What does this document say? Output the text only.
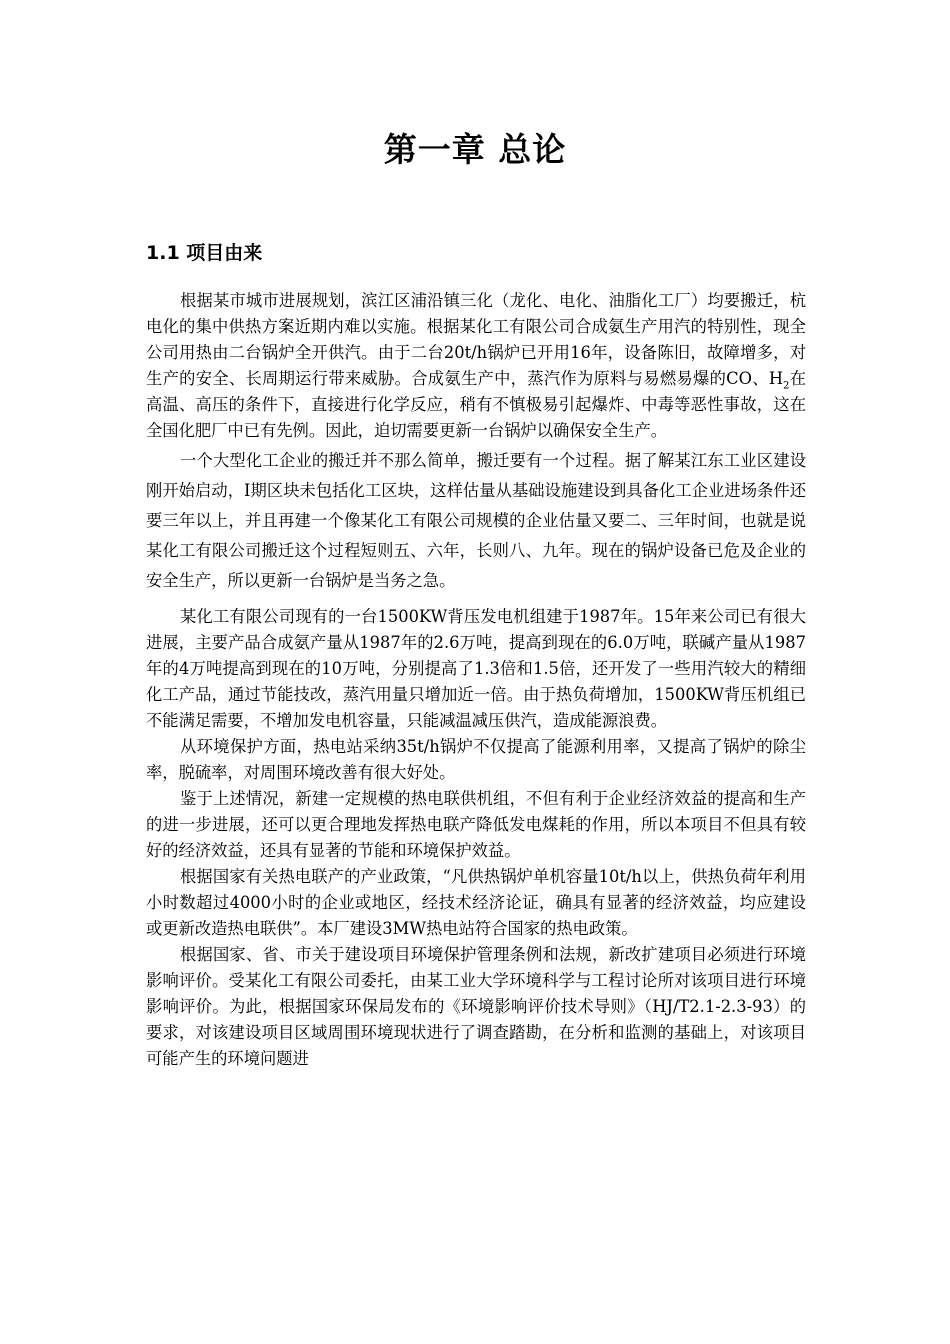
第一章 总论
1.1 项目由来

根据某市城市进展规划，滨江区浦沿镇三化（龙化、电化、油脂化工厂）均要搬迁，杭电化的集中供热方案近期内难以实施。根据某化工有限公司合成氨生产用汽的特别性，现全公司用热由二台锅炉全开供汽。由于二台20t/h锅炉已开用16年，设备陈旧，故障增多，对生产的安全、长周期运行带来威胁。合成氨生产中，蒸汽作为原料与易燃易爆的CO、$H_2$在高温、高压的条件下，直接进行化学反应，稍有不慎极易引起爆炸、中毒等恶性事故，这在全国化肥厂中已有先例。因此，迫切需要更新一台锅炉以确保安全生产。

一个大型化工企业的搬迁并不那么简单，搬迁要有一个过程。据了解某江东工业区建设刚开始启动，I期区块未包括化工区块，这样估量从基础设施建设到具备化工企业进场条件还要三年以上，并且再建一个像某化工有限公司规模的企业估量又要二、三年时间，也就是说某化工有限公司搬迁这个过程短则五、六年，长则八、九年。现在的锅炉设备已危及企业的安全生产，所以更新一台锅炉是当务之急。

某化工有限公司现有的一台1500KW背压发电机组建于1987年。15年来公司已有很大进展，主要产品合成氨产量从1987年的2.6万吨，提高到现在的6.0万吨，联碱产量从1987年的4万吨提高到现在的10万吨，分别提高了1.3倍和1.5倍，还开发了一些用汽较大的精细化工产品，通过节能技改，蒸汽用量只增加近一倍。由于热负荷增加，1500KW背压机组已不能满足需要，不增加发电机容量，只能减温减压供汽，造成能源浪费。

从环境保护方面，热电站采纳35t/h锅炉不仅提高了能源利用率，又提高了锅炉的除尘率，脱硫率，对周围环境改善有很大好处。

鉴于上述情况，新建一定规模的热电联供机组，不但有利于企业经济效益的提高和生产的进一步进展，还可以更合理地发挥热电联产降低发电煤耗的作用，所以本项目不但具有较好的经济效益，还具有显著的节能和环境保护效益。

根据国家有关热电联产的产业政策，“凡供热锅炉单机容量10t/h以上，供热负荷年利用小时数超过4000小时的企业或地区，经技术经济论证，确具有显著的经济效益，均应建设或更新改造热电联供”。本厂建设3MW热电站符合国家的热电政策。

根据国家、省、市关于建设项目环境保护管理条例和法规，新改扩建项目必须进行环境影响评价。受某化工有限公司委托，由某工业大学环境科学与工程讨论所对该项目进行环境影响评价。为此，根据国家环保局发布的《环境影响评价技术导则》（HJ/T2.1-2.3-93）的要求，对该建设项目区域周围环境现状进行了调查踏勘，在分析和监测的基础上，对该项目可能产生的环境问题进
